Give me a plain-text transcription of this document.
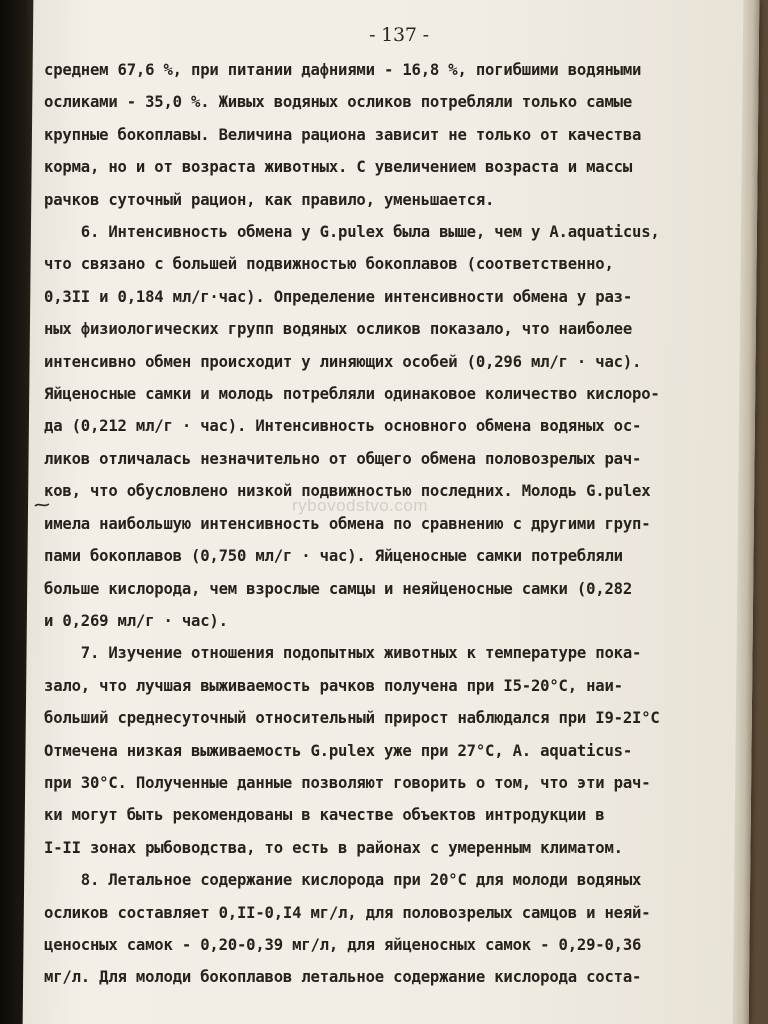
- 137 -
среднем 67,6 %, при питании дафниями - 16,8 %, погибшими водяными
осликами - 35,0 %. Живых водяных осликов потребляли только самые
крупные бокоплавы. Величина рациона зависит не только от качества
корма, но и от возраста животных. С увеличением возраста и массы
рачков суточный рацион, как правило, уменьшается.
6. Интенсивность обмена у G.pulex была выше, чем у A.aquaticus,
что связано с большей подвижностью бокоплавов (соответственно,
0,3II и 0,184 мл/г·час). Определение интенсивности обмена у раз-
ных физиологических групп водяных осликов показало, что наиболее
интенсивно обмен происходит у линяющих особей (0,296 мл/г · час).
Яйценосные самки и молодь потребляли одинаковое количество кислоро-
да (0,212 мл/г · час). Интенсивность основного обмена водяных ос-
ликов отличалась незначительно от общего обмена половозрелых рач-
ков, что обусловлено низкой подвижностью последних. Молодь G.pulex
имела наибольшую интенсивность обмена по сравнению с другими груп-
пами бокоплавов (0,750 мл/г · час). Яйценосные самки потребляли
больше кислорода, чем взрослые самцы и неяйценосные самки (0,282
и 0,269 мл/г · час).
7. Изучение отношения подопытных животных к температуре пока-
зало, что лучшая выживаемость рачков получена при I5-20°C, наи-
больший среднесуточный относительный прирост наблюдался при I9-2I°C
Отмечена низкая выживаемость G.pulex уже при 27°C, A. aquaticus-
при 30°C. Полученные данные позволяют говорить о том, что эти рач-
ки могут быть рекомендованы в качестве объектов интродукции в
I-II зонах рыбоводства, то есть в районах с умеренным климатом.
8. Летальное содержание кислорода при 20°C для молоди водяных
осликов составляет 0,II-0,I4 мг/л, для половозрелых самцов и неяй-
ценосных самок - 0,20-0,39 мг/л, для яйценосных самок - 0,29-0,36
мг/л. Для молоди бокоплавов летальное содержание кислорода соста-
rybovodstvo.com
